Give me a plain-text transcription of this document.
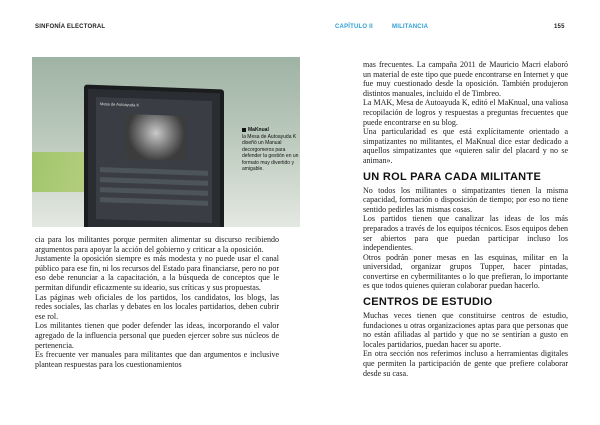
SINFONÍA ELECTORAL	CAPÍTULO II	MILITANCIA	155
Mesa de Autoayuda K
MaKnual
la Mesa de Autoayuda K diseñó un Manual decorgomeros para defender la gestión en un formato muy divertido y amigable.

cia para los militantes porque permiten alimentar su discurso recibiendo argumentos para apoyar la acción del gobierno y criticar a la oposición.

Justamente la oposición siempre es más modesta y no puede usar el canal público para ese fin, ni los recursos del Estado para financiarse, pero no por eso debe renunciar a la capacitación, a la búsqueda de conceptos que le permitan difundir eficazmente su ideario, sus críticas y sus propuestas.

Las páginas web oficiales de los partidos, los candidatos, los blogs, las redes sociales, las charlas y debates en los locales partidarios, deben cubrir ese rol.

Los militantes tienen que poder defender las ideas, incorporando el valor agregado de la influencia personal que pueden ejercer sobre sus núcleos de pertenencia.

Es frecuente ver manuales para militantes que dan argumentos e inclusive plantean respuestas para los cuestionamientos

mas frecuentes. La campaña 2011 de Mauricio Macri elaboró un material de este tipo que puede encontrarse en Internet y que fue muy cuestionado desde la oposición. También produjeron distintos manuales, incluido el de Timbreo.

La MAK, Mesa de Autoayuda K, editó el MaKnual, una valiosa recopilación de logros y respuestas a preguntas frecuentes que puede encontrarse en su blog.

Una particularidad es que está explícitamente orientado a simpatizantes no militantes, el MaKnual dice estar dedicado a aquellos simpatizantes que «quieren salir del placard y no se animan».

UN ROL PARA CADA MILITANTE

No todos los militantes o simpatizantes tienen la misma capacidad, formación o disposición de tiempo; por eso no tiene sentido pedirles las mismas cosas.

Los partidos tienen que canalizar las ideas de los más preparados a través de los equipos técnicos. Esos equipos deben ser abiertos para que puedan participar incluso los independientes.

Otros podrán poner mesas en las esquinas, militar en la universidad, organizar grupos Tupper, hacer pintadas, convertirse en cybermilitantes o lo que prefieran, lo importante es que todos quienes quieran colaborar puedan hacerlo.

CENTROS DE ESTUDIO

Muchas veces tienen que constituirse centros de estudio, fundaciones u otras organizaciones aptas para que personas que no están afiliadas al partido y que no se sentirían a gusto en locales partidarios, puedan hacer su aporte.

En otra sección nos referimos incluso a herramientas digitales que permiten la participación de gente que prefiere colaborar desde su casa.
